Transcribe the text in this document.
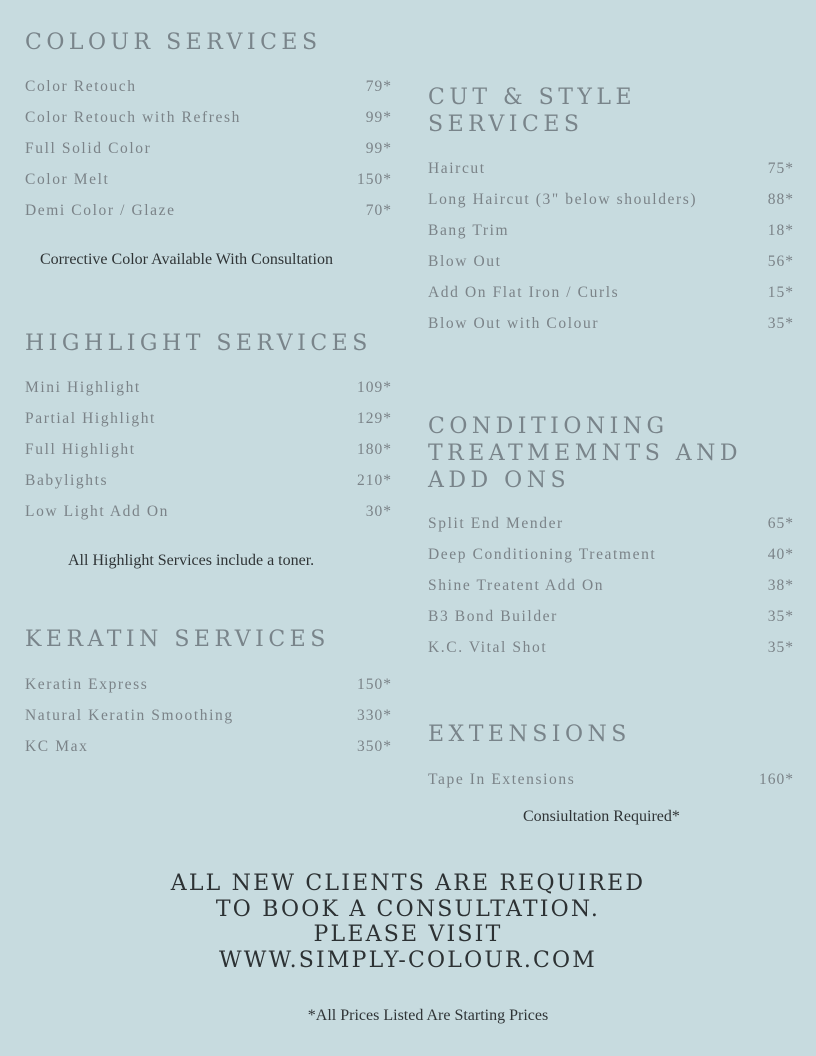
COLOUR SERVICES
Color Retouch	79*
Color Retouch with Refresh	99*
Full Solid Color	99*
Color Melt	150*
Demi Color / Glaze	70*
Corrective Color Available With Consultation
HIGHLIGHT SERVICES
Mini Highlight	109*
Partial Highlight	129*
Full Highlight	180*
Babylights	210*
Low Light Add On	30*
All Highlight Services include a toner.
KERATIN SERVICES
Keratin Express	150*
Natural Keratin Smoothing	330*
KC Max	350*
CUT & STYLE
SERVICES
Haircut	75*
Long Haircut (3" below shoulders)	88*
Bang Trim	18*
Blow Out	56*
Add On Flat Iron / Curls	15*
Blow Out with Colour	35*
CONDITIONING
TREATMEMNTS AND
ADD ONS
Split End Mender	65*
Deep Conditioning Treatment	40*
Shine Treatent Add On	38*
B3 Bond Builder	35*
K.C. Vital Shot	35*
EXTENSIONS
Tape In Extensions	160*
Consiultation Required*
ALL NEW CLIENTS ARE REQUIRED
TO BOOK A CONSULTATION.
PLEASE VISIT
WWW.SIMPLY-COLOUR.COM
*All Prices Listed Are Starting Prices
